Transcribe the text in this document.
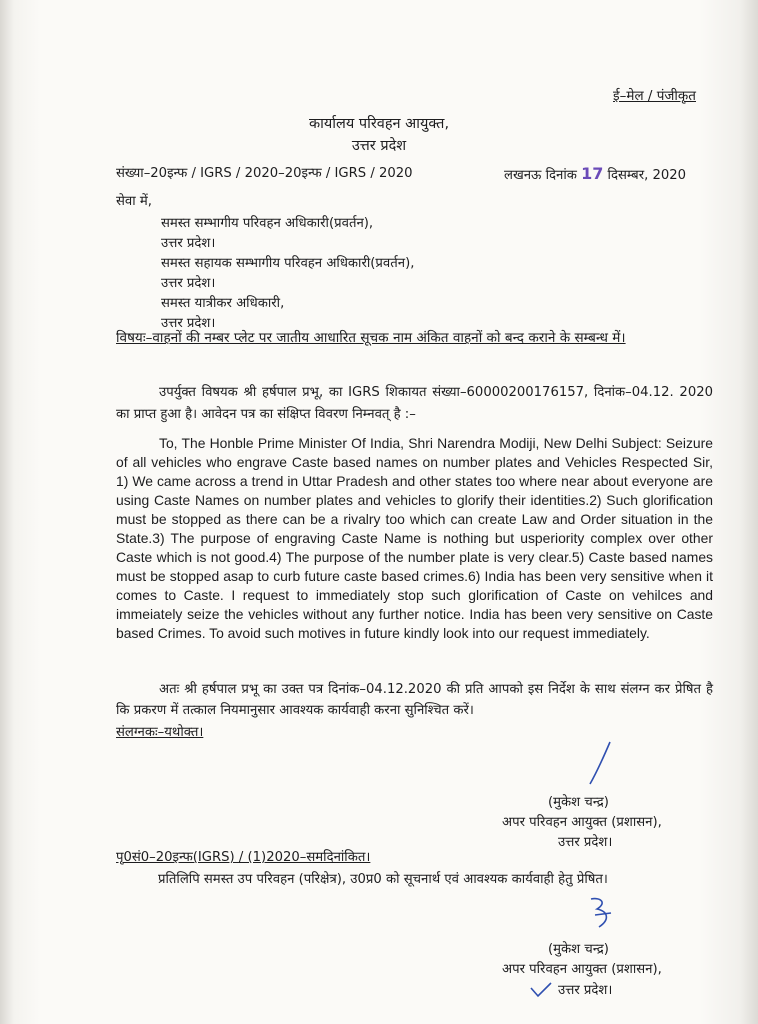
ई–मेल / पंजीकृत
कार्यालय परिवहन आयुक्त,
उत्तर प्रदेश
संख्या–20इन्फ / IGRS / 2020–20इन्फ / IGRS / 2020	लखनऊ दिनांक 17 दिसम्बर, 2020
सेवा में,
समस्त सम्भागीय परिवहन अधिकारी(प्रवर्तन),
उत्तर प्रदेश।
समस्त सहायक सम्भागीय परिवहन अधिकारी(प्रवर्तन),
उत्तर प्रदेश।
समस्त यात्रीकर अधिकारी,
उत्तर प्रदेश।
विषयः–वाहनों की नम्बर प्लेट पर जातीय आधारित सूचक नाम अंकित वाहनों को बन्द कराने के सम्बन्ध में।
उपर्युक्त विषयक श्री हर्षपाल प्रभू, का IGRS शिकायत संख्या–60000200176157, दिनांक–04.12. 2020 का प्राप्त हुआ है। आवेदन पत्र का संक्षिप्त विवरण निम्नवत् है :–
To, The Honble Prime Minister Of India, Shri Narendra Modiji, New Delhi Subject: Seizure of all vehicles who engrave Caste based names on number plates and Vehicles Respected Sir, 1) We came across a trend in Uttar Pradesh and other states too where near about everyone are using Caste Names on number plates and vehicles to glorify their identities.2) Such glorification must be stopped as there can be a rivalry too which can create Law and Order situation in the State.3) The purpose of engraving Caste Name is nothing but usperiority complex over other Caste which is not good.4) The purpose of the number plate is very clear.5) Caste based names must be stopped asap to curb future caste based crimes.6) India has been very sensitive when it comes to Caste. I request to immediately stop such glorification of Caste on vehilces and immeiately seize the vehicles without any further notice. India has been very sensitive on Caste based Crimes. To avoid such motives in future kindly look into our request immediately.
अतः श्री हर्षपाल प्रभू का उक्त पत्र दिनांक–04.12.2020 की प्रति आपको इस निर्देश के साथ संलग्न कर प्रेषित है कि प्रकरण में तत्काल नियमानुसार आवश्यक कार्यवाही करना सुनिश्चित करें।
संलग्नकः–यथोक्त।
(मुकेश चन्द्र)
अपर परिवहन आयुक्त (प्रशासन),
उत्तर प्रदेश।
पृ0सं0–20इन्फ(IGRS) / (1)2020–समदिनांकित।
प्रतिलिपि समस्त उप परिवहन (परिक्षेत्र), उ0प्र0 को सूचनार्थ एवं आवश्यक कार्यवाही हेतु प्रेषित।
(मुकेश चन्द्र)
अपर परिवहन आयुक्त (प्रशासन),
उत्तर प्रदेश।
